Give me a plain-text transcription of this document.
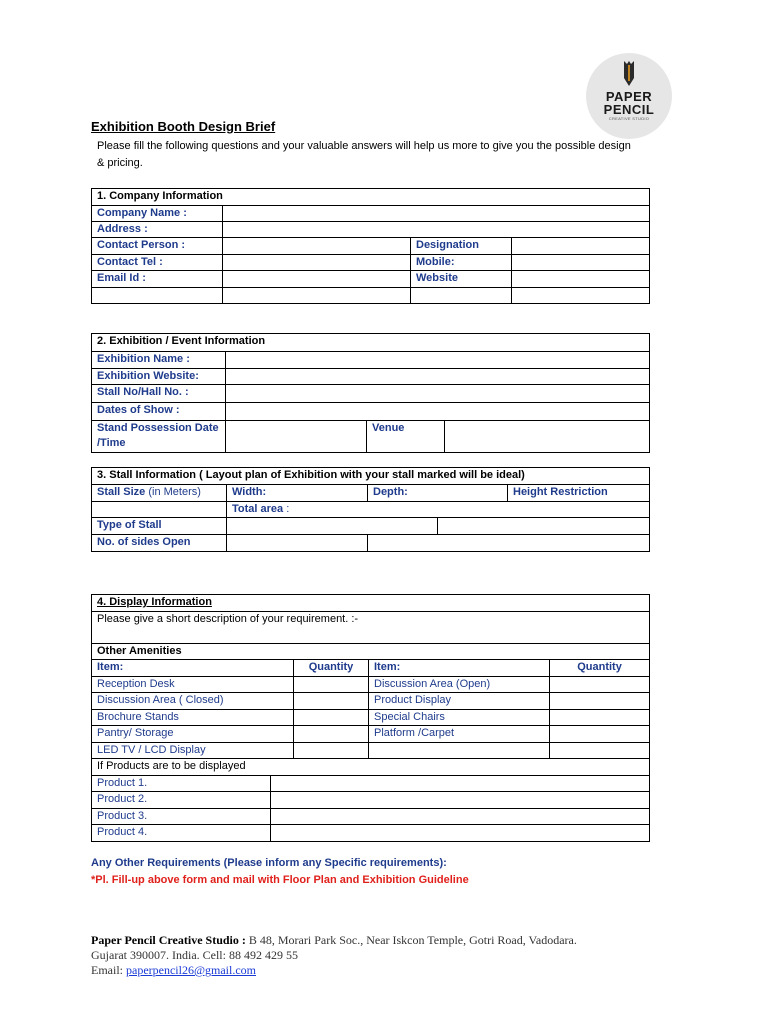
PAPER
PENCIL
CREATIVE STUDIO
Exhibition Booth Design Brief
Please fill the following questions and your valuable answers will help us more to give you the possible design & pricing.
1. Company Information			
Company Name :			
Address :			
Contact Person :		Designation	
Contact Tel :		Mobile:	
Email Id :		Website	

2. Exhibition / Event Information			
Exhibition Name :			
Exhibition Website:			
Stall No/Hall No. :			
Dates of Show :			
Stand Possession Date /Time		Venue	
3. Stall Information ( Layout plan of Exhibition with your stall marked will be ideal)				
Stall Size (in Meters)	Width:	Depth:		Height Restriction
	Total area :			
Type of Stall				
No. of sides Open				
4. Display Information				
Please give a short description of your requirement. :-				
Other Amenities				
Item:		Quantity	Item:	Quantity
Reception Desk			Discussion Area (Open)	
Discussion Area ( Closed)			Product Display	
Brochure Stands			Special Chairs	
Pantry/ Storage			Platform /Carpet	
LED TV / LCD Display				
If Products are to be displayed				
Product 1.				
Product 2.				
Product 3.				
Product 4.				
Any Other Requirements (Please inform any Specific requirements):
*Pl. Fill-up above form and mail with Floor Plan and Exhibition Guideline
Paper Pencil Creative Studio : B 48, Morari Park Soc., Near Iskcon Temple, Gotri Road, Vadodara.
Gujarat 390007. India. Cell: 88 492 429 55
Email: paperpencil26@gmail.com
